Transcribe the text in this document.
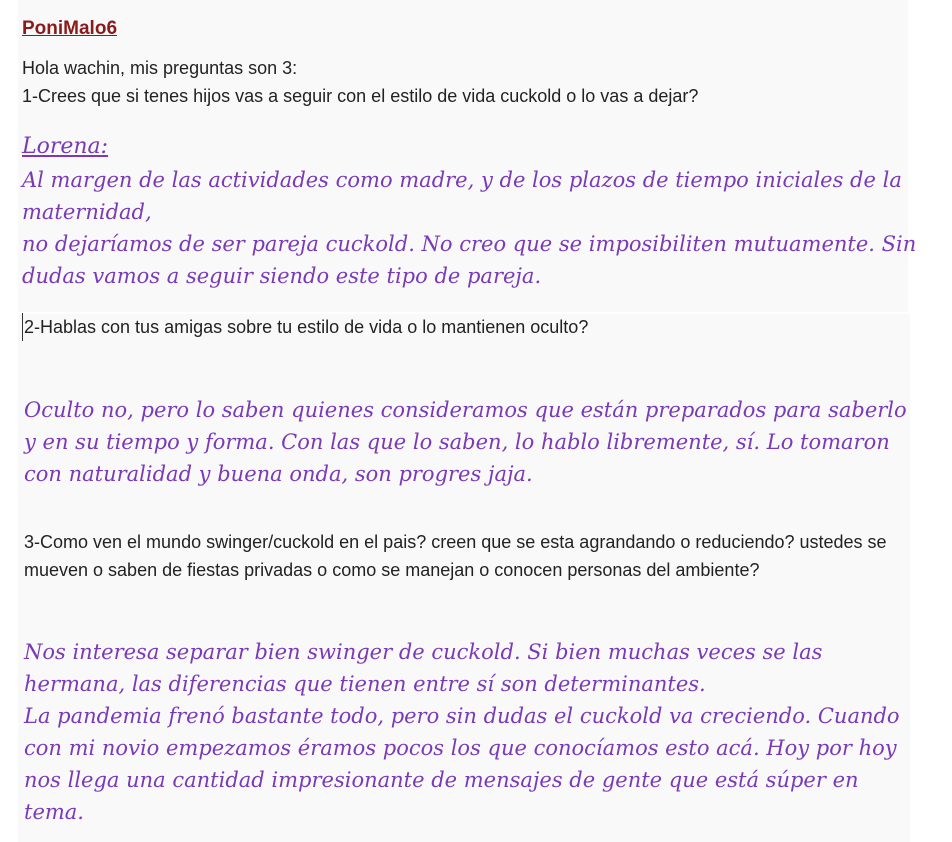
PoniMalo6

Hola wachin, mis preguntas son 3:

1-Crees que si tenes hijos vas a seguir con el estilo de vida cuckold o lo vas a dejar?

Lorena:

Al margen de las actividades como madre, y de los plazos de tiempo iniciales de la maternidad,
no dejaríamos de ser pareja cuckold. No creo que se imposibiliten mutuamente. Sin dudas vamos a seguir siendo este tipo de pareja.

2-Hablas con tus amigas sobre tu estilo de vida o lo mantienen oculto?

Oculto no, pero lo saben quienes consideramos que están preparados para saberlo y en su tiempo y forma. Con las que lo saben, lo hablo libremente, sí. Lo tomaron con naturalidad y buena onda, son progres jaja.

3-Como ven el mundo swinger/cuckold en el pais? creen que se esta agrandando o reduciendo? ustedes se mueven o saben de fiestas privadas o como se manejan o conocen personas del ambiente?

Nos interesa separar bien swinger de cuckold. Si bien muchas veces se las hermana, las diferencias que tienen entre sí son determinantes.
La pandemia frenó bastante todo, pero sin dudas el cuckold va creciendo. Cuando con mi novio empezamos éramos pocos los que conocíamos esto acá. Hoy por hoy nos llega una cantidad impresionante de mensajes de gente que está súper en tema.
